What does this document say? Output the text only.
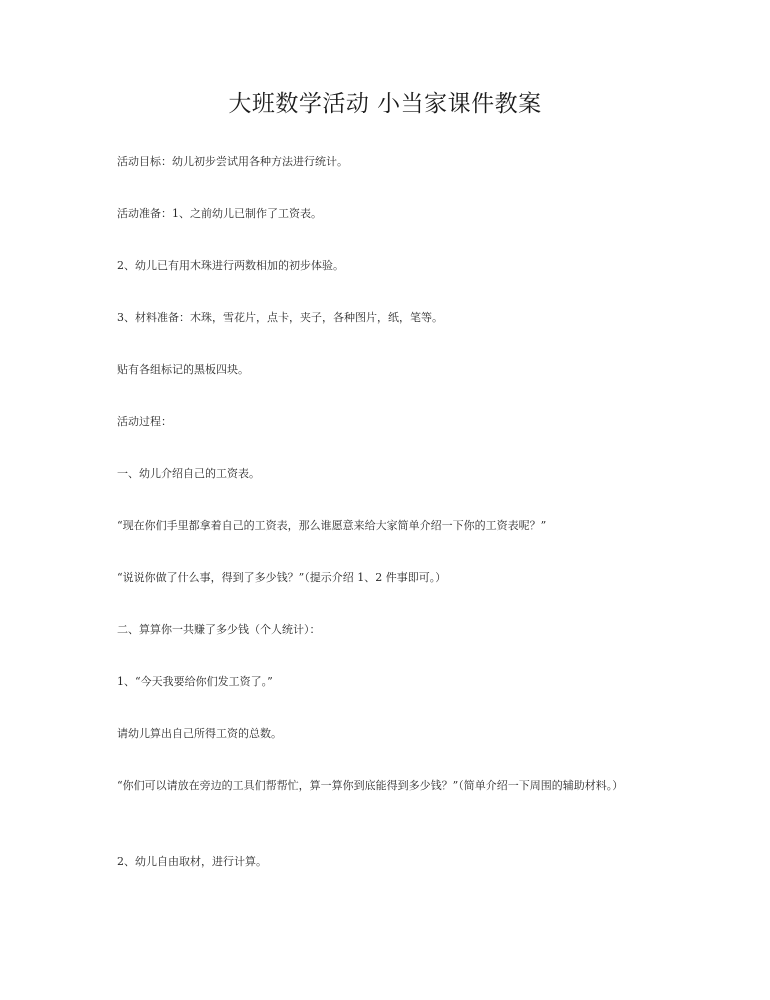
大班数学活动 小当家课件教案

活动目标：幼儿初步尝试用各种方法进行统计。

活动准备：1、之前幼儿已制作了工资表。

2、幼儿已有用木珠进行两数相加的初步体验。

3、材料准备：木珠，雪花片，点卡，夹子，各种图片，纸，笔等。

贴有各组标记的黑板四块。

活动过程：

一、幼儿介绍自己的工资表。

“现在你们手里都拿着自己的工资表，那么谁愿意来给大家简单介绍一下你的工资表呢？”

“说说你做了什么事，得到了多少钱？”（提示介绍 1、2 件事即可。）

二、算算你一共赚了多少钱（个人统计）：

1、“今天我要给你们发工资了。”

请幼儿算出自己所得工资的总数。

“你们可以请放在旁边的工具们帮帮忙，算一算你到底能得到多少钱？”（简单介绍一下周围的辅助材料。）

2、幼儿自由取材，进行计算。
